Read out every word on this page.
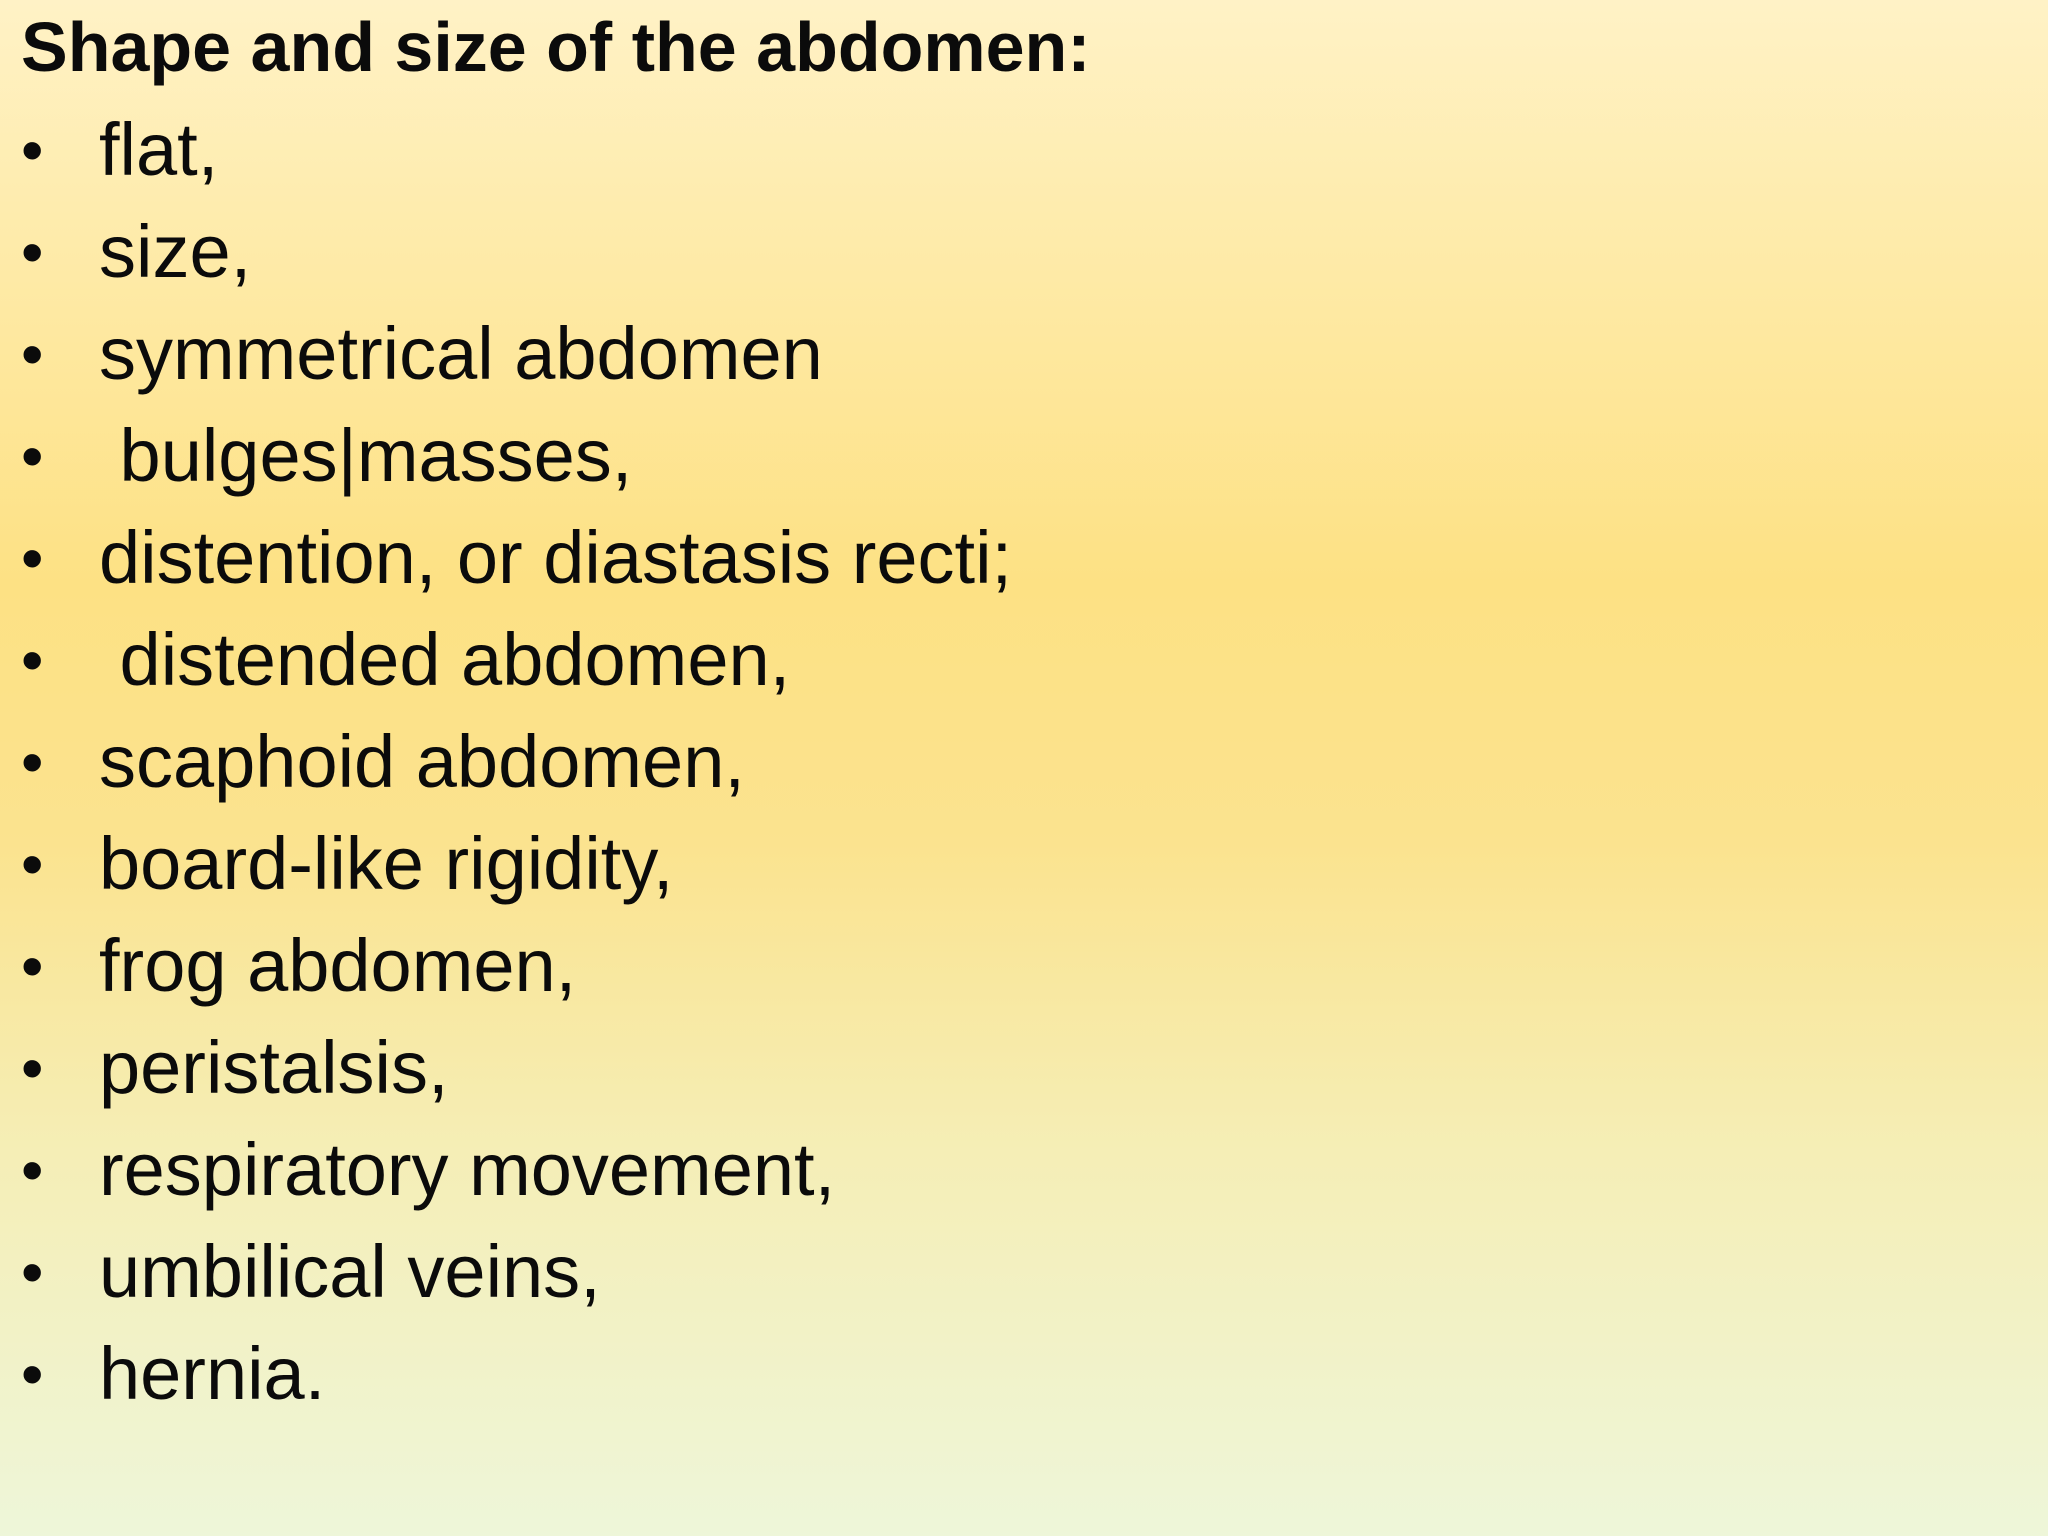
Shape and size of the abdomen:
• flat,
• size,
• symmetrical abdomen
• bulges|masses,
• distention, or diastasis recti;
• distended abdomen,
• scaphoid abdomen,
• board-like rigidity,
• frog abdomen,
• peristalsis,
• respiratory movement,
• umbilical veins,
• hernia.
